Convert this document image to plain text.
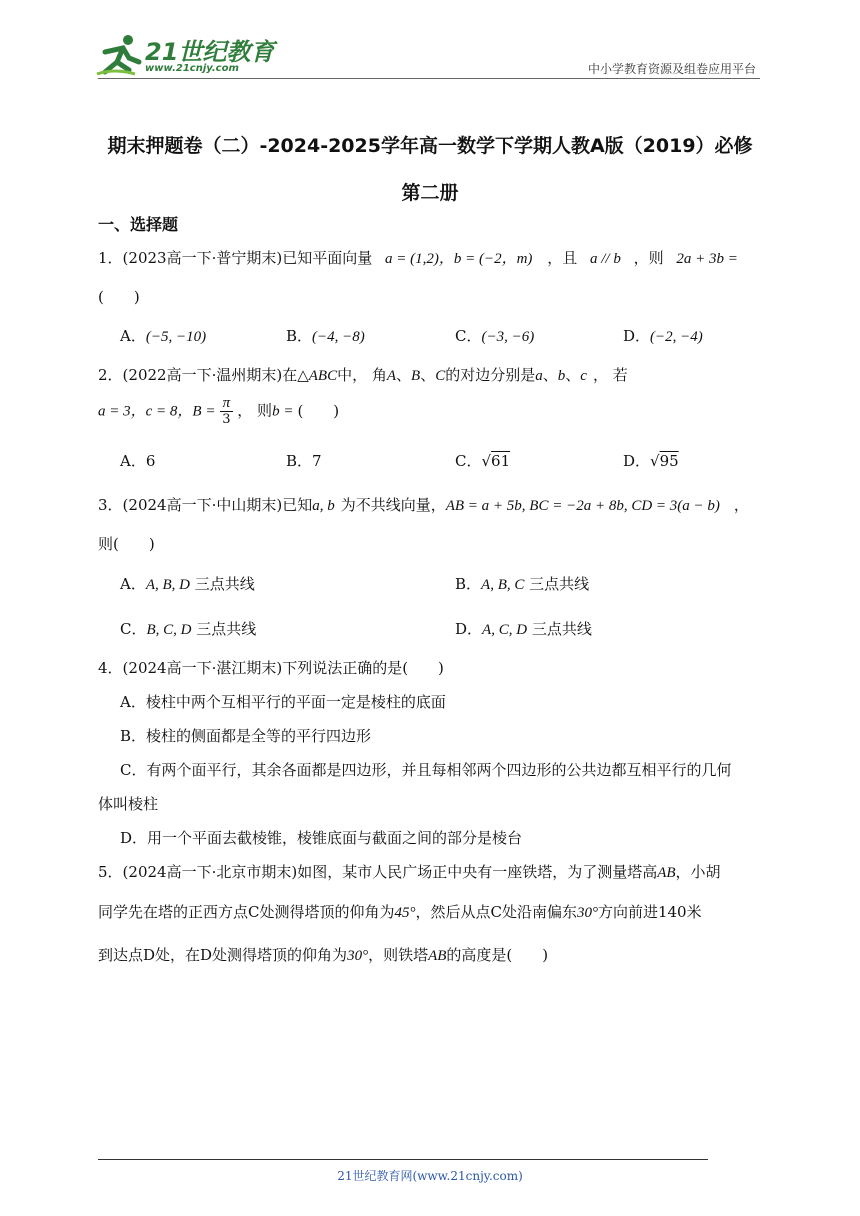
21世纪教育
www.21cnjy.com	中小学教育资源及组卷应用平台
期末押题卷（二）-2024-2025学年高一数学下学期人教A版（2019）必修
第二册
一、选择题
1．(2023高一下·普宁期末)已知平面向量 a = (1,2)，b = (−2，m) ，且 a // b ，则 2a + 3b =
(　　)
A．(−5, −10)	B．(−4, −8)	C．(−3, −6)	D．(−2, −4)
2．(2022高一下·温州期末)在△ABC中， 角A、B、C的对边分别是a、b、c ， 若
a = 3，c = 8，$B = \frac{\pi}{3}$ ， 则b = (　　)
A．6	B．7	C．√61	D．√95
3．(2024高一下·中山期末)已知a, b 为不共线向量，AB = a + 5b, BC = −2a + 8b, CD = 3(a − b) ，
则(　　)
A．A, B, D 三点共线	B．A, B, C 三点共线
C．B, C, D 三点共线	D．A, C, D 三点共线
4．(2024高一下·湛江期末)下列说法正确的是(　　)
A．棱柱中两个互相平行的平面一定是棱柱的底面
B．棱柱的侧面都是全等的平行四边形
C．有两个面平行，其余各面都是四边形，并且每相邻两个四边形的公共边都互相平行的几何
体叫棱柱
D．用一个平面去截棱锥，棱锥底面与截面之间的部分是棱台
5．(2024高一下·北京市期末)如图，某市人民广场正中央有一座铁塔，为了测量塔高AB，小胡
同学先在塔的正西方点C处测得塔顶的仰角为45°，然后从点C处沿南偏东30°方向前进140米
到达点D处，在D处测得塔顶的仰角为30°，则铁塔AB的高度是(　　)
21世纪教育网(www.21cnjy.com)
